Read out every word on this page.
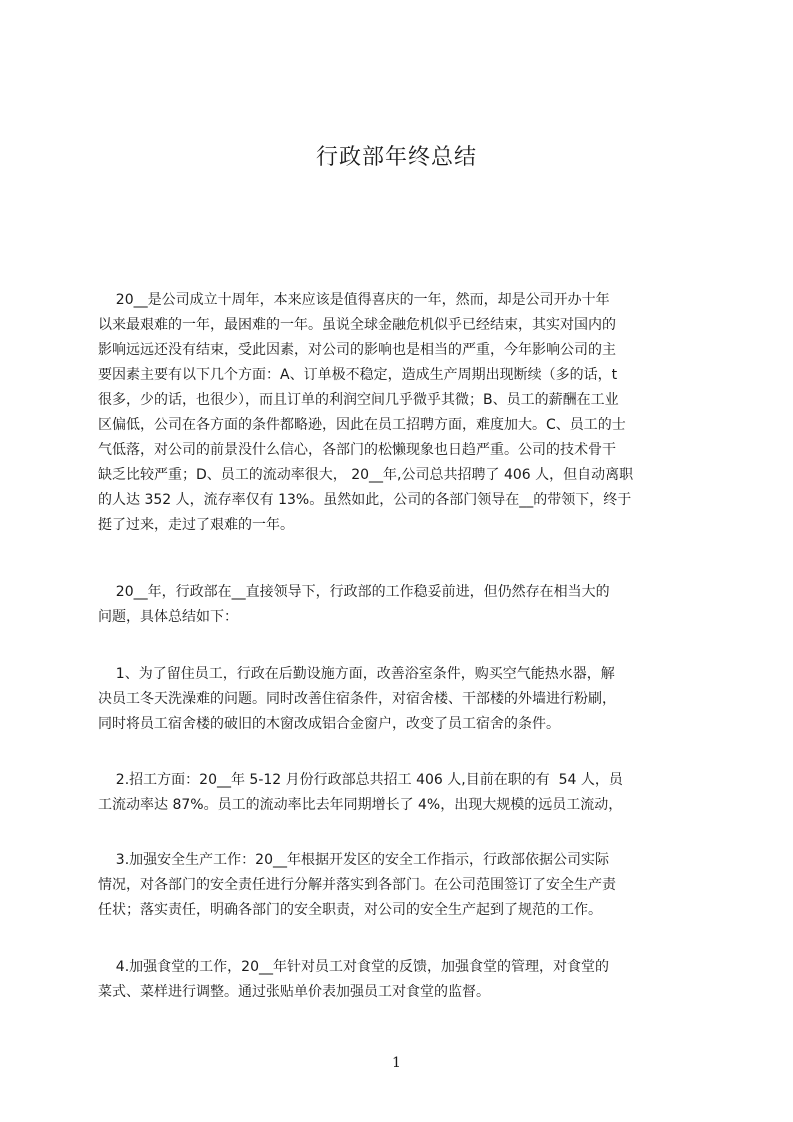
行政部年终总结
20__是公司成立十周年，本来应该是值得喜庆的一年，然而，却是公司开办十年
以来最艰难的一年，最困难的一年。虽说全球金融危机似乎已经结束，其实对国内的
影响远远还没有结束，受此因素，对公司的影响也是相当的严重，今年影响公司的主
要因素主要有以下几个方面：A、订单极不稳定，造成生产周期出现断续（多的话，t
很多，少的话，也很少），而且订单的利润空间几乎微乎其微；B、员工的薪酬在工业
区偏低，公司在各方面的条件都略逊，因此在员工招聘方面，难度加大。C、员工的士
气低落，对公司的前景没什么信心，各部门的松懒现象也日趋严重。公司的技术骨干
缺乏比较严重；D、员工的流动率很大， 20__年,公司总共招聘了 406 人，但自动离职
的人达 352 人，流存率仅有 13%。虽然如此，公司的各部门领导在__的带领下，终于
挺了过来，走过了艰难的一年。
20__年，行政部在__直接领导下，行政部的工作稳妥前进，但仍然存在相当大的
问题，具体总结如下：
1、为了留住员工，行政在后勤设施方面，改善浴室条件，购买空气能热水器，解
决员工冬天洗澡难的问题。同时改善住宿条件，对宿舍楼、干部楼的外墙进行粉刷，
同时将员工宿舍楼的破旧的木窗改成铝合金窗户，改变了员工宿舍的条件。
2.招工方面：20__年 5-12 月份行政部总共招工 406 人,目前在职的有  54 人，员
工流动率达 87%。员工的流动率比去年同期增长了 4%，出现大规模的远员工流动，
3.加强安全生产工作：20__年根据开发区的安全工作指示，行政部依据公司实际
情况，对各部门的安全责任进行分解并落实到各部门。在公司范围签订了安全生产责
任状；落实责任，明确各部门的安全职责，对公司的安全生产起到了规范的工作。
4.加强食堂的工作，20__年针对员工对食堂的反馈，加强食堂的管理，对食堂的
菜式、菜样进行调整。通过张贴单价表加强员工对食堂的监督。
1
